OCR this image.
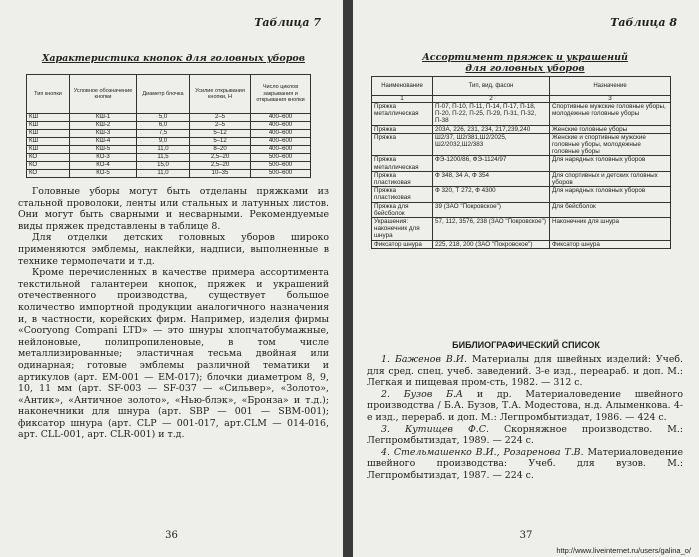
Таблица 7
Характеристика кнопок для головных уборов
Тип кнопки	Условное обозначение кнопки	Диаметр блочка	Усилие открывания кнопки, Н	Число циклов закрывания и открывания кнопки
КШ	КШ-1	5,0	2–5	400–600
КШ	КШ-2	6,0	2–5	400–600
КШ	КШ-3	7,5	5–12	400–600
КШ	КШ-4	9,0	5–12	400–600
КШ	КШ-5	11,0	8–20	400–600
КО	КО-3	11,5	2,5–20	500–600
КО	КО-4	15,0	2,5–20	500–600
КО	КО-5	11,0	10–35	500–600

Головные уборы могут быть отделаны пряжками из стальной проволоки, ленты или стальных и латунных листов. Они могут быть сварными и несварными. Рекомендуемые виды пряжек представлены в таблице 8.

Для отделки детских головных уборов широко применяются эмблемы, наклейки, надписи, выполненные в технике термопечати и т.д.

Кроме перечисленных в качестве примера ассортимента текстильной галантереи кнопок, пряжек и украшений отечественного производства, существует большое количество импортной продукции аналогичного назначения и, в частности, корейских фирм. Например, изделия фирмы «Cooryong Compani LTD» — это шнуры хлопчатобумажные, нейлоновые, полипропиленовые, в том числе металлизированные; эластичная тесьма двойная или одинарная; готовые эмблемы различной тематики и артикулов (арт. ЕМ-001 — ЕМ-017); блочки диаметром 8, 9, 10, 11 мм (арт. SF-003 — SF-037 — «Сильвер», «Золото», «Антик», «Античное золото», «Нью-блэк», «Бронза» и т.д.); наконечники для шнура (арт. SBP — 001 — SBM-001); фиксатор шнура (арт. CLP — 001-017, арт.CLM — 014-016, арт. CLL-001, арт. CLR-001) и т.д.

36
Таблица 8
Ассортимент пряжек и украшений
для головных уборов
Наименование	Тип, вид, фасон	Назначение
1	2	3
Пряжка металлическая	П-07, П-10, П-11, П-14, П-17, П-18, П-20, П-22, П-25, П-29, П-31, П-32, П-38	Спортивные мужские головные уборы, молодежные головные уборы
Пряжка	203А, 226, 231, 234, 217,239,240	Женские головные уборы
Пряжка	Ш2/37, Ш2/381,Ш2/2025, Ш2/2032,Ш2/383	Женские и спортивные мужские головные уборы, молодежные головные уборы
Пряжка металлическая	ФЭ-1200/86, ФЭ-1124/97	Для нарядных головных уборов
Пряжка пластиковая	Ф 348, 34 А, Ф 354	Для спортивных и детских головных уборов
Пряжка пластиковая	Ф 320, Т 272, Ф 4300	Для нарядных головных уборов
Пряжка для бейсболок	39 (ЗАО "Покровское")	Для бейсболок
Украшения: наконечник для шнура	57, 112, 3576, 238 (ЗАО "Покровское")	Наконечник для шнура
Фиксатор шнура	225, 218, 200 (ЗАО "Покровское")	Фиксатор шнура
БИБЛИОГРАФИЧЕСКИЙ СПИСОК

1. Баженов В.И. Материалы для швейных изделий: Учеб. для сред. спец. учеб. заведений. 3-е изд., переараб. и доп. М.: Легкая и пищевая пром-сть, 1982. — 312 с.

2. Бузов Б.А и др. Материаловедение швейного производства / Б.А. Бузов, Т.А. Модестова, н.д. Алыменкова. 4-е изд., перераб. и доп. М.: Легпромбытиздат, 1986. — 424 с.

3. Кутищев Ф.С. Скорняжное производство. М.: Легпромбытиздат, 1989. — 224 с.

4. Стельмашенко В.И., Розаренова Т.В. Материаловедение швейного производства: Учеб. для вузов. М.: Легпромбытиздат, 1987. — 224 с.

37
http://www.liveinternet.ru/users/galina_o/
